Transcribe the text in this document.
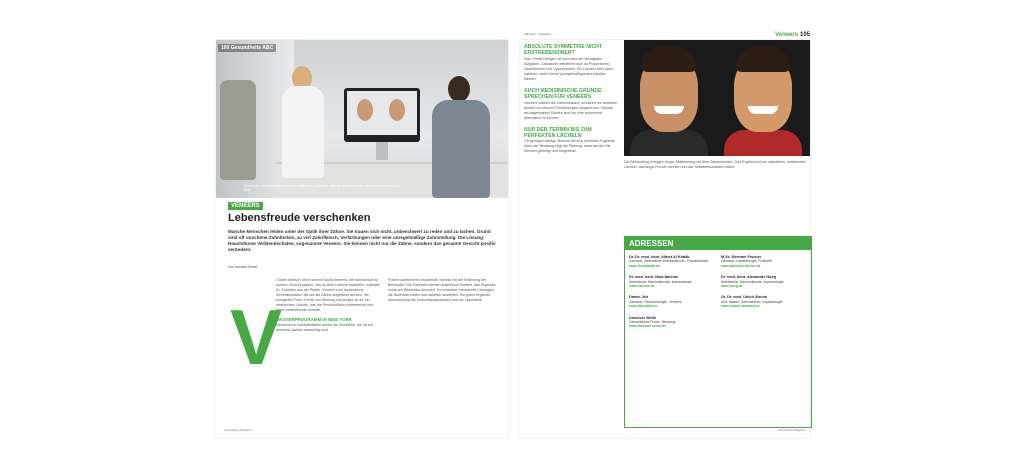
Schon am Videocomputer wird den Patienten vorgeführt, welche Veränderungen durch Veneers möglich sind
100 Gesundheits ABC
VENEERS
Lebensfreude verschenken
Manche Menschen leiden unter der Optik ihrer Zähne. Sie trauen sich nicht, unbeschwert zu reden und zu lachen. Grund sind oft unschöne Zahnlücken, zu viel Zahnfleisch, Verfärbungen oder eine unregelmäßige Zahnstellung. Die Lösung: Hauchdünne Verblendschalen, sogenannte Veneers. Sie können nicht nur die Zähne, sondern das gesamte Gesicht positiv verändern.
Von Annette Bossl
V
»Jeder Mensch hat in seinem Mund Veneers, die harmonisch zu seinem Gesicht passen. Nur so wirkt Lächeln natürlich«, erläutert Dr. Experten aus der Praxis. Veneers sind hauchdünne Keramikschalen, die auf die Zähne aufgeklebt werden. Sie korrigieren Form, Farbe und Stellung und sorgen so für ein strahlendes Lächeln, das die Persönlichkeit unterstreicht und neue Lebensfreude schenkt.
MASTERPROGRAMM IN NEW YORK
Menschen in Spezialkliniken lernen die Techniken, die für ein schönes Lächeln notwendig sind.
Praxen kombinieren modernste Technik mit der Erfahrung der Behandler. Die Patienten werden ausführlich beraten, das Ergebnis vorab am Bildschirm simuliert. So entstehen individuelle Lösungen, die dauerhaft halten und natürlich aussehen. Ein gutes Ergebnis berücksichtigt die Gesichtsproportionen und die Lippenlinie.
Gesundheit Ratgeber
Veneers 105
Zahnarzt · Ratgeber
ABSOLUTE SYMMETRIE NICHT ERSTREBENSWERT
Das »Smile Design« ist wohl eine der wichtigsten Aufgaben. Zahnärzte orientieren sich an Proportionen, Gesichtsform und Lippenverlauf. Ein Lächeln wirkt dann natürlich, wenn kleine Unregelmäßigkeiten erhalten bleiben.
AUCH MEDIZINISCHE GRÜNDE SPRECHEN FÜR VENEERS
Veneers stärken die Zahnsubstanz, schützen vor weiterem Abrieb und können Fehlstellungen ausgleichen. Gerade bei abgenutzten Zähnen sind sie eine schonende Alternative zu Kronen.
NUR DER TERMIN BIS ZUM PERFEKTEN LÄCHELN
Oft genügen wenige Termine bis zum perfekten Ergebnis. Nach der Beratung folgt die Planung, dann werden die Veneers gefertigt und eingesetzt.
Die Behandlung erfolgt in enger Abstimmung mit dem Zahntechniker. Das Ergebnis ist ein natürliches, strahlendes Lächeln, das lange Freude bereitet und das Selbstbewusstsein stärkt.
ADRESSEN
Dr. Dr. med. dent. Albert Al Khalib
Zahnarzt, Ästhetische Zahnheilkunde, Praxisadresse
www.dr-alkhalib.de
Dr. med. dent. Nina Nachon
Ästhetische Zahnheilkunde, Implantologie
www.nachon.de
Daniel Jeb
Zahnarzt, Parodontologie, Veneers
www.danieljeb.de
Discover Wells
Zahnärztliche Praxis, Beratung
www.discover-wells.de
M.Sc. Bertram Fischer
Zahnarzt, Implantologie, Prothetik
www.zahnarzt-fischer.de
Dr. med. dent. Alexander Hoeg
Ästhetische Zahnheilkunde, Implantologie
www.hoeg.de
Dr. Dr. med. Ulrich Strunk
Ärzt. Master, Zahnmedizin, Implantologie
www.strunk-zahnarzt.de
Gesundheit Ratgeber
